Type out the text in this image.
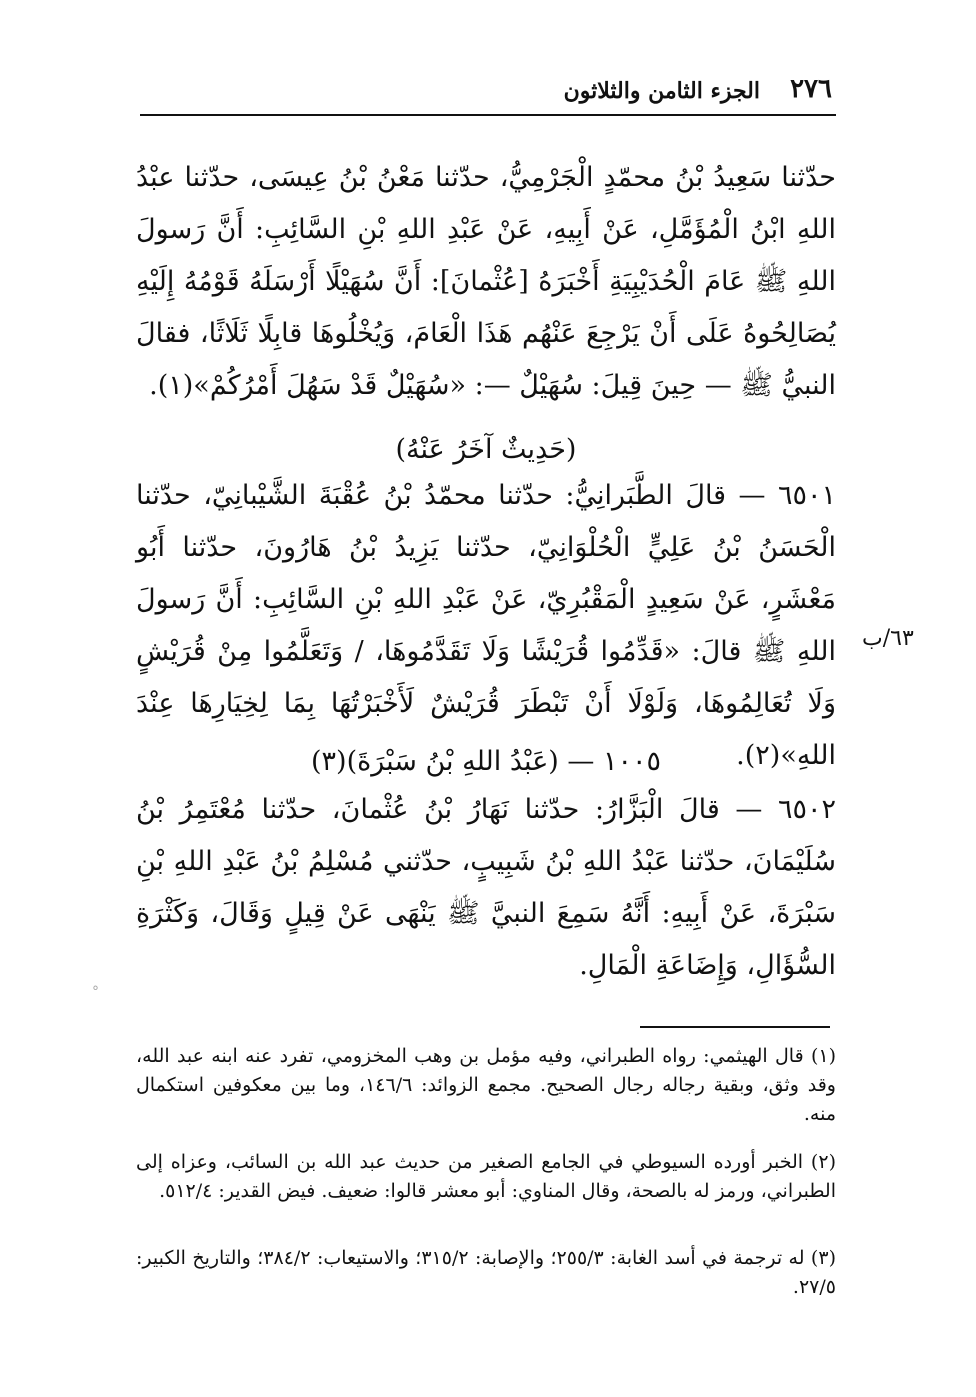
٢٧٦
الجزء الثامن والثلاثون

حدّثنا سَعِيدُ بْنُ محمّدٍ الْجَرْمِيُّ، حدّثنا مَعْنُ بْنُ عِيسَى، حدّثنا عبْدُ اللهِ ابْنُ الْمُؤَمَّلِ، عَنْ أَبِيهِ، عَنْ عَبْدِ اللهِ بْنِ السَّائِبِ: أَنَّ رَسولَ اللهِ ﷺ عَامَ الْحُدَيْبِيَةِ أَخْبَرَهُ [عُثْمانَ]: أَنَّ سُهَيْلًا أَرْسَلَهُ قَوْمُهُ إِلَيْهِ يُصَالِحُوهُ عَلَى أَنْ يَرْجِعَ عَنْهُم هَذَا الْعَامَ، وَيُخْلُوهَا قابِلًا ثَلَاثًا، فقالَ النبيُّ ﷺ — حِينَ قِيلَ: سُهَيْلٌ —: «سُهَيْلٌ قَدْ سَهُلَ أَمْرُكُمْ»(١).

(حَدِيثٌ آخَرُ عَنْهُ)

٦٥٠١ — قالَ الطَّبَرانِيُّ: حدّثنا محمّدُ بْنُ عُقْبَةَ الشَّيْبانِيّ، حدّثنا الْحَسَنُ بْنُ عَلِيٍّ الْحُلْوَانِيّ، حدّثنا يَزِيدُ بْنُ هَارُونَ، حدّثنا أَبُو مَعْشَرٍ، عَنْ سَعِيدٍ الْمَقْبُرِيّ، عَنْ عَبْدِ اللهِ بْنِ السَّائِبِ: أَنَّ رَسولَ اللهِ ﷺ قالَ: «قَدِّمُوا قُرَيْشًا وَلَا تَقَدَّمُوهَا، / وَتَعَلَّمُوا مِنْ قُرَيْشٍ وَلَا تُعَالِمُوهَا، وَلَوْلَا أَنْ تَبْطَرَ قُرَيْشٌ لَأَخْبَرْتُهَا بِمَا لِخِيَارِهَا عِنْدَ اللهِ»(٢).

٦٣/ب

١٠٠٥ — (عَبْدُ اللهِ بْنُ سَبْرَةَ)(٣)

٦٥٠٢ — قالَ الْبَزَّارُ: حدّثنا نَهَارُ بْنُ عُثْمانَ، حدّثنا مُعْتَمِرُ بْنُ سُلَيْمَانَ، حدّثنا عَبْدُ اللهِ بْنُ شَبِيبٍ، حدّثني مُسْلِمُ بْنُ عَبْدِ اللهِ بْنِ سَبْرَةَ، عَنْ أَبِيهِ: أَنَّهُ سَمِعَ النبيَّ ﷺ يَنْهَى عَنْ قِيلٍ وَقَالَ، وَكَثْرَةِ السُّؤَالِ، وَإِضَاعَةِ الْمَالِ.

°

(١) قال الهيثمي: رواه الطبراني، وفيه مؤمل بن وهب المخزومي، تفرد عنه ابنه عبد الله، وقد وثق، وبقية رجاله رجال الصحيح. مجمع الزوائد: ١٤٦/٦، وما بين معكوفين استكمال منه.

(٢) الخبر أورده السيوطي في الجامع الصغير من حديث عبد الله بن السائب، وعزاه إلى الطبراني، ورمز له بالصحة، وقال المناوي: أبو معشر قالوا: ضعيف. فيض القدير: ٥١٢/٤.

(٣) له ترجمة في أسد الغابة: ٢٥٥/٣؛ والإصابة: ٣١٥/٢؛ والاستيعاب: ٣٨٤/٢؛ والتاريخ الكبير: ٢٧/٥.
